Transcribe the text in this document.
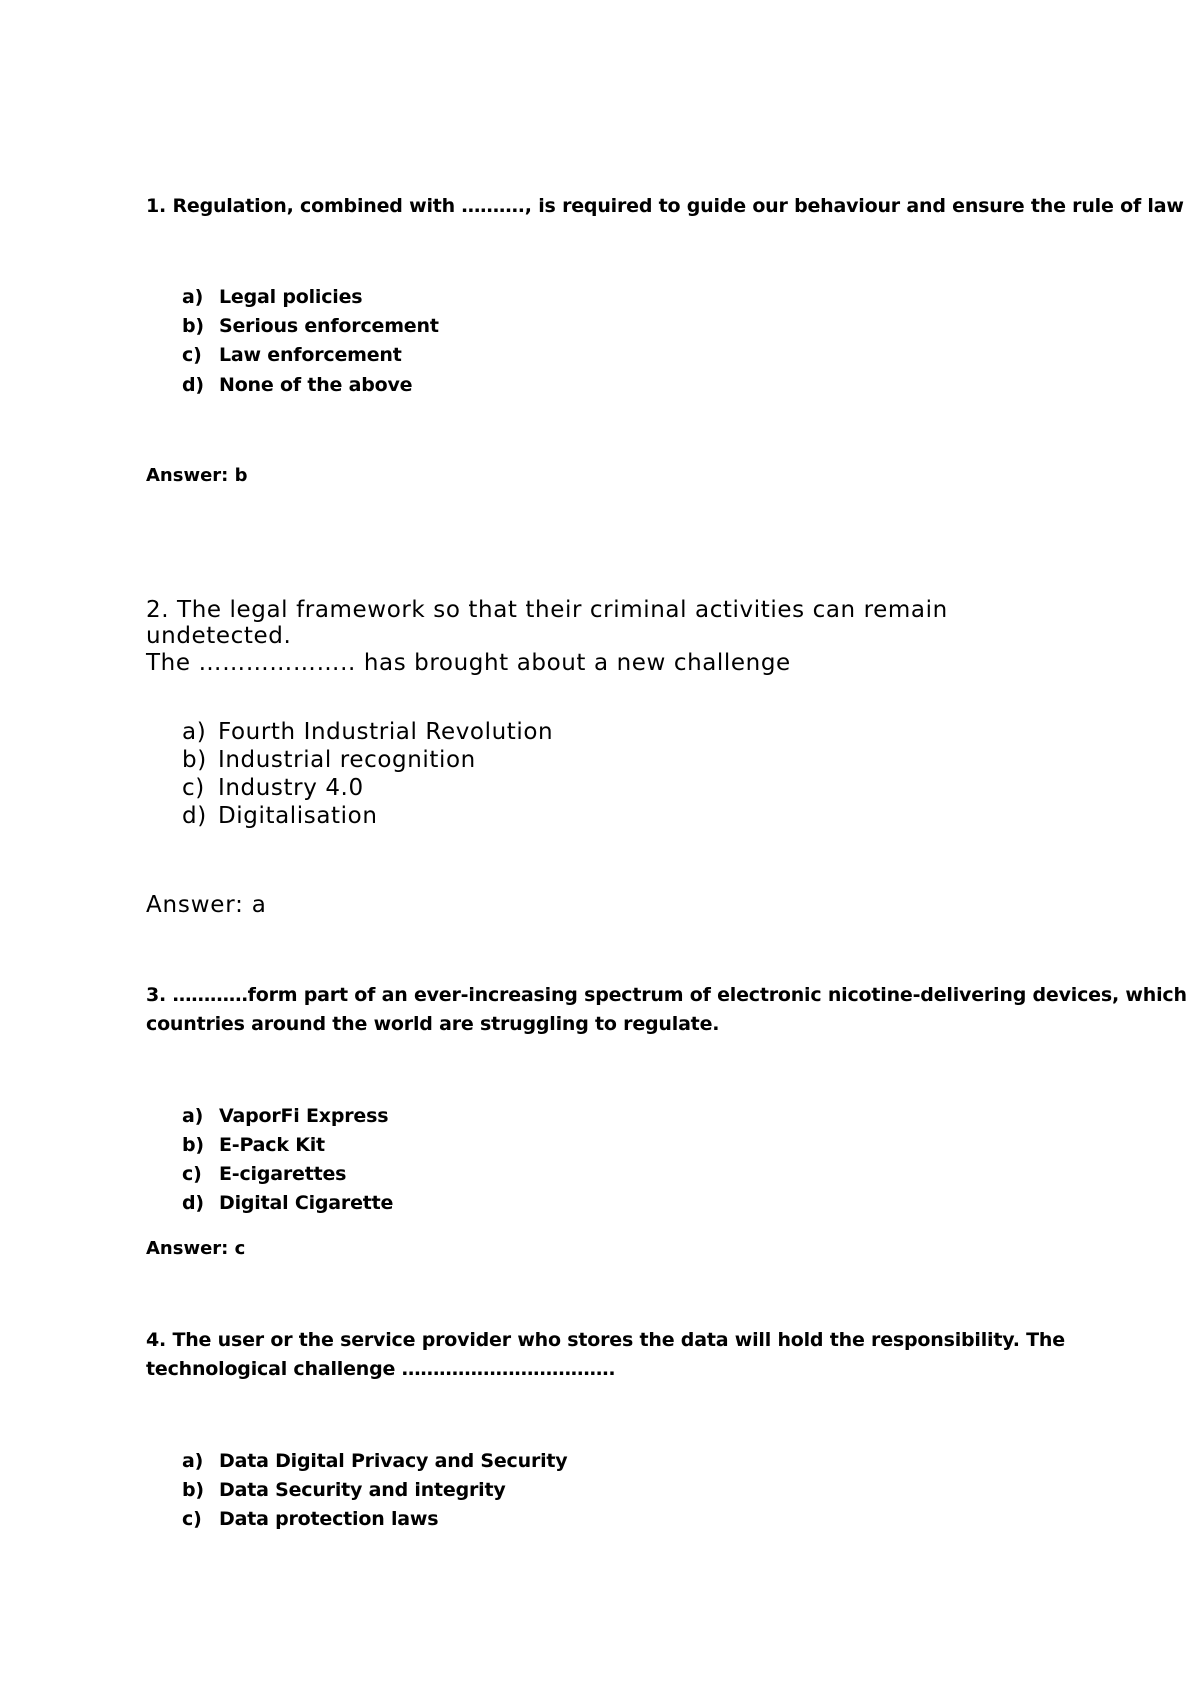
1. Regulation, combined with ………., is required to guide our behaviour and ensure the rule of law
a) Legal policies
b) Serious enforcement
c) Law enforcement
d) None of the above
Answer: b
2. The legal framework so that their criminal activities can remain
undetected.
The ……………….. has brought about a new challenge
a) Fourth Industrial Revolution
b) Industrial recognition
c) Industry 4.0
d) Digitalisation
Answer: a
3. …………form part of an ever-increasing spectrum of electronic nicotine-delivering devices, which
countries around the world are struggling to regulate.
a) VaporFi Express
b) E-Pack Kit
c) E-cigarettes
d) Digital Cigarette
Answer: c
4. The user or the service provider who stores the data will hold the responsibility. The
technological challenge …………………………….
a) Data Digital Privacy and Security
b) Data Security and integrity
c) Data protection laws
